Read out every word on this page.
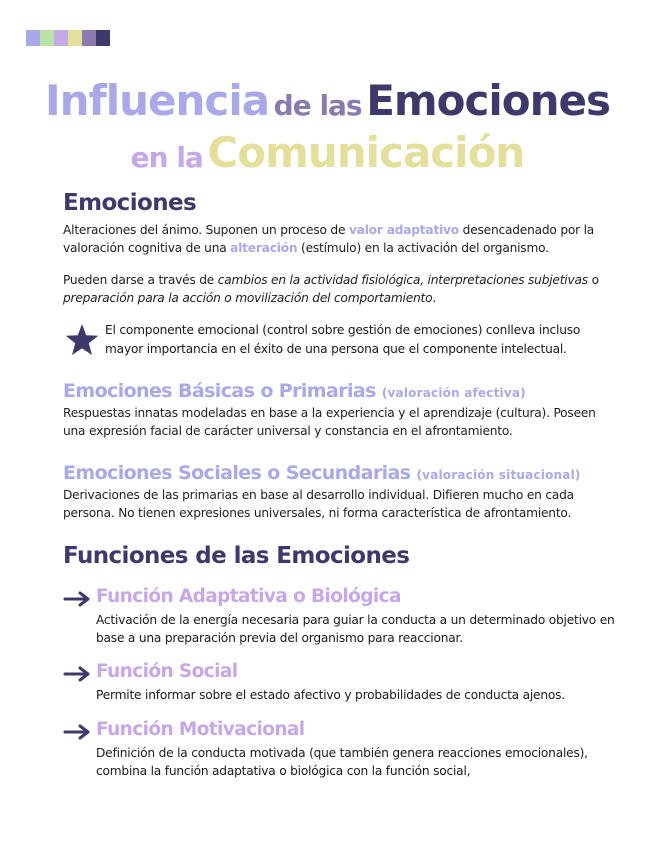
Influencia de las Emociones
en la Comunicación
Emociones
Alteraciones del ánimo. Suponen un proceso de valor adaptativo desencadenado por la valoración cognitiva de una alteración (estímulo) en la activación del organismo.
Pueden darse a través de cambios en la actividad fisiológica, interpretaciones subjetivas o preparación para la acción o movilización del comportamiento.
El componente emocional (control sobre gestión de emociones) conlleva incluso mayor importancia en el éxito de una persona que el componente intelectual.
Emociones Básicas o Primarias (valoración afectiva)
Respuestas innatas modeladas en base a la experiencia y el aprendizaje (cultura). Poseen una expresión facial de carácter universal y constancia en el afrontamiento.
Emociones Sociales o Secundarias (valoración situacional)
Derivaciones de las primarias en base al desarrollo individual. Difieren mucho en cada persona. No tienen expresiones universales, ni forma característica de afrontamiento.
Funciones de las Emociones
Función Adaptativa o Biológica
Activación de la energía necesaria para guiar la conducta a un determinado objetivo en base a una preparación previa del organismo para reaccionar.
Función Social
Permite informar sobre el estado afectivo y probabilidades de conducta ajenos.
Función Motivacional
Definición de la conducta motivada (que también genera reacciones emocionales), combina la función adaptativa o biológica con la función social,
